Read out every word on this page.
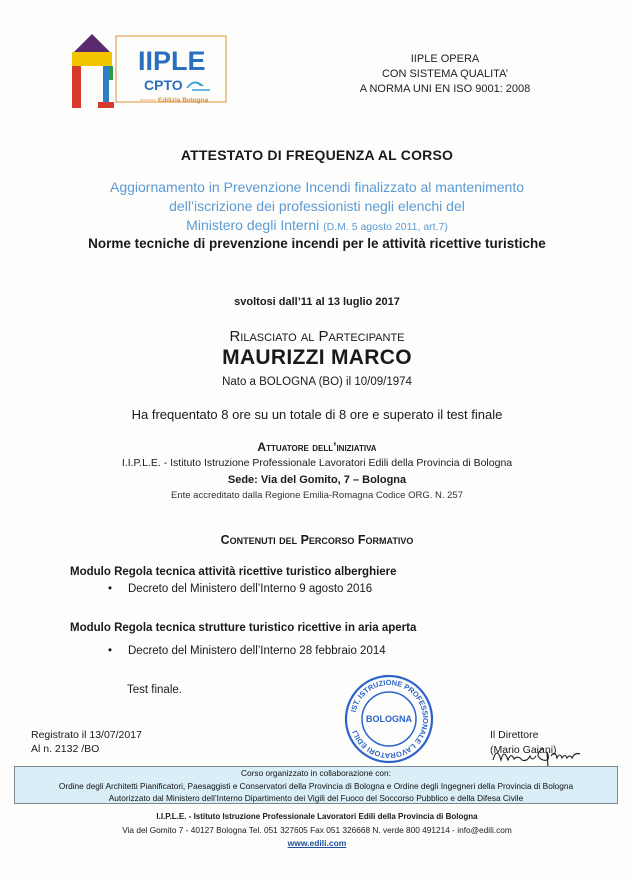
IIPLE
CPTO
Edilizia Bologna
IIPLE OPERA
CON SISTEMA QUALITA’
A NORMA UNI EN ISO 9001: 2008
ATTESTATO DI FREQUENZA AL CORSO
Aggiornamento in Prevenzione Incendi finalizzato al mantenimento
dell’iscrizione dei professionisti negli elenchi del
Ministero degli Interni (D.M. 5 agosto 2011, art.7)
Norme tecniche di prevenzione incendi per le attività ricettive turistiche
svoltosi dall’11 al 13 luglio 2017
Rilasciato al Partecipante
MAURIZZI MARCO
Nato a BOLOGNA (BO) il 10/09/1974
Ha frequentato 8 ore su un totale di 8 ore e superato il test finale
Attuatore dell’iniziativa
I.I.P.L.E. - Istituto Istruzione Professionale Lavoratori Edili della Provincia di Bologna
Sede: Via del Gomito, 7 – Bologna
Ente accreditato dalla Regione Emilia-Romagna Codice ORG. N. 257
Contenuti del Percorso Formativo
Modulo Regola tecnica attività ricettive turistico alberghiere
• Decreto del Ministero dell’Interno 9 agosto 2016
Modulo Regola tecnica strutture turistico ricettive in aria aperta
• Decreto del Ministero dell’Interno 28 febbraio 2014
Test finale.
Registrato il 13/07/2017
Al n. 2132 /BO
IST. ISTRUZIONE PROFESSIONALE LAVORATORI EDILI
BOLOGNA
Il Direttore
(Mario Gaiani)
Corso organizzato in collaborazione con:
Ordine degli Architetti Pianificatori, Paesaggisti e Conservatori della Provincia di Bologna e Ordine degli Ingegneri della Provincia di Bologna
Autorizzato dal Ministero dell’Interno Dipartimento dei Vigili del Fuoco del Soccorso Pubblico e della Difesa Civile
I.I.P.L.E. - Istituto Istruzione Professionale Lavoratori Edili della Provincia di Bologna
Via del Gomito 7 - 40127 Bologna Tel. 051 327605 Fax 051 326668 N. verde 800 491214 - info@edili.com
www.edili.com
